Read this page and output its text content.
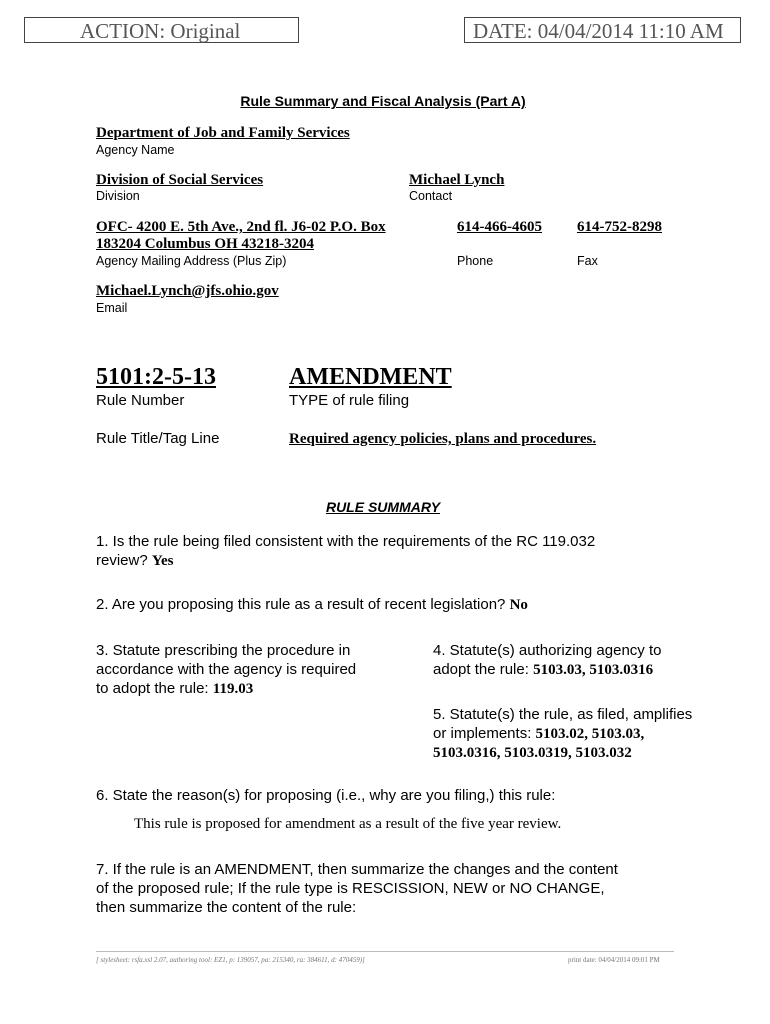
ACTION: Original	DATE: 04/04/2014 11:10 AM
Rule Summary and Fiscal Analysis (Part A)
Department of Job and Family Services
Agency Name
Division of Social Services
Division
Michael Lynch
Contact
OFC- 4200 E. 5th Ave., 2nd fl. J6-02 P.O. Box
183204 Columbus OH 43218-3204
Agency Mailing Address (Plus Zip)
614-466-4605
Phone
614-752-8298
Fax
Michael.Lynch@jfs.ohio.gov
Email
5101:2-5-13
Rule Number
AMENDMENT
TYPE of rule filing
Rule Title/Tag Line	Required agency policies, plans and procedures.
RULE SUMMARY
1. Is the rule being filed consistent with the requirements of the RC 119.032
review? Yes
2. Are you proposing this rule as a result of recent legislation? No
3. Statute prescribing the procedure in
accordance with the agency is required
to adopt the rule: 119.03
4. Statute(s) authorizing agency to
adopt the rule: 5103.03, 5103.0316
5. Statute(s) the rule, as filed, amplifies
or implements: 5103.02, 5103.03,
5103.0316, 5103.0319, 5103.032
6. State the reason(s) for proposing (i.e., why are you filing,) this rule:
This rule is proposed for amendment as a result of the five year review.
7. If the rule is an AMENDMENT, then summarize the changes and the content
of the proposed rule; If the rule type is RESCISSION, NEW or NO CHANGE,
then summarize the content of the rule:
[ stylesheet: rsfa.xsl 2.07, authoring tool: EZ1, p: 139057, pa: 215340, ra: 384611, d: 470459)]	print date: 04/04/2014 09:01 PM
